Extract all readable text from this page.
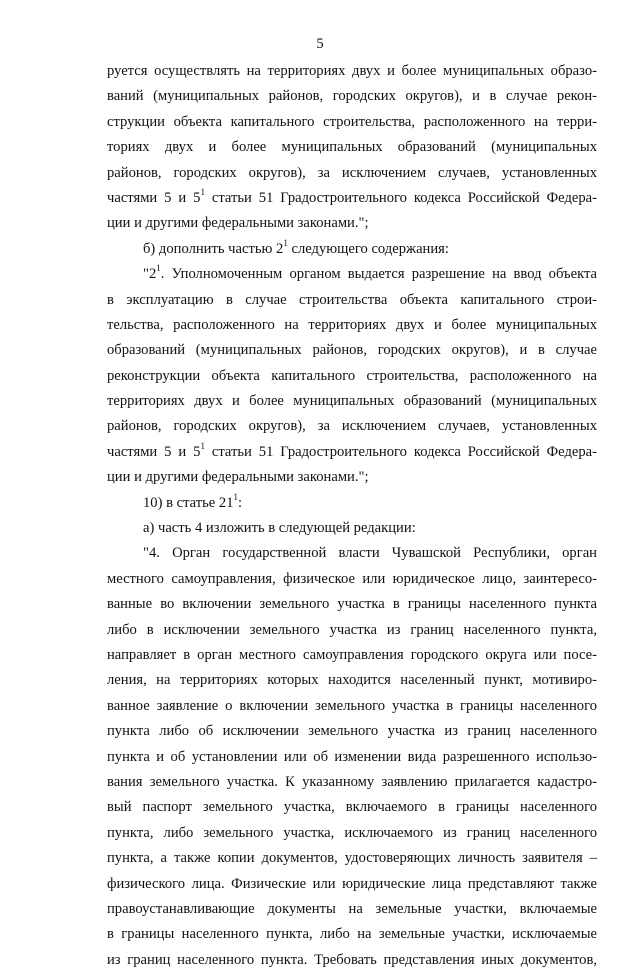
5
руется осуществлять на территориях двух и более муниципальных образо-
ваний (муниципальных районов, городских округов), и в случае рекон-
струкции объекта капитального строительства, расположенного на терри-
ториях двух и более муниципальных образований (муниципальных
районов, городских округов), за исключением случаев, установленных
частями 5 и $5^1$ статьи 51 Градостроительного кодекса Российской Федера-
ции и другими федеральными законами.";
б) дополнить частью $2^1$ следующего содержания:
"$2^1$. Уполномоченным органом выдается разрешение на ввод объекта
в эксплуатацию в случае строительства объекта капитального строи-
тельства, расположенного на территориях двух и более муниципальных
образований (муниципальных районов, городских округов), и в случае
реконструкции объекта капитального строительства, расположенного на
территориях двух и более муниципальных образований (муниципальных
районов, городских округов), за исключением случаев, установленных
частями 5 и $5^1$ статьи 51 Градостроительного кодекса Российской Федера-
ции и другими федеральными законами.";
10) в статье $21^1$:
а) часть 4 изложить в следующей редакции:
"4. Орган государственной власти Чувашской Республики, орган
местного самоуправления, физическое или юридическое лицо, заинтересо-
ванные во включении земельного участка в границы населенного пункта
либо в исключении земельного участка из границ населенного пункта,
направляет в орган местного самоуправления городского округа или посе-
ления, на территориях которых находится населенный пункт, мотивиро-
ванное заявление о включении земельного участка в границы населенного
пункта либо об исключении земельного участка из границ населенного
пункта и об установлении или об изменении вида разрешенного использо-
вания земельного участка. К указанному заявлению прилагается кадастро-
вый паспорт земельного участка, включаемого в границы населенного
пункта, либо земельного участка, исключаемого из границ населенного
пункта, а также копии документов, удостоверяющих личность заявителя –
физического лица. Физические или юридические лица представляют также
правоустанавливающие документы на земельные участки, включаемые
в границы населенного пункта, либо на земельные участки, исключаемые
из границ населенного пункта. Требовать представления иных документов,
